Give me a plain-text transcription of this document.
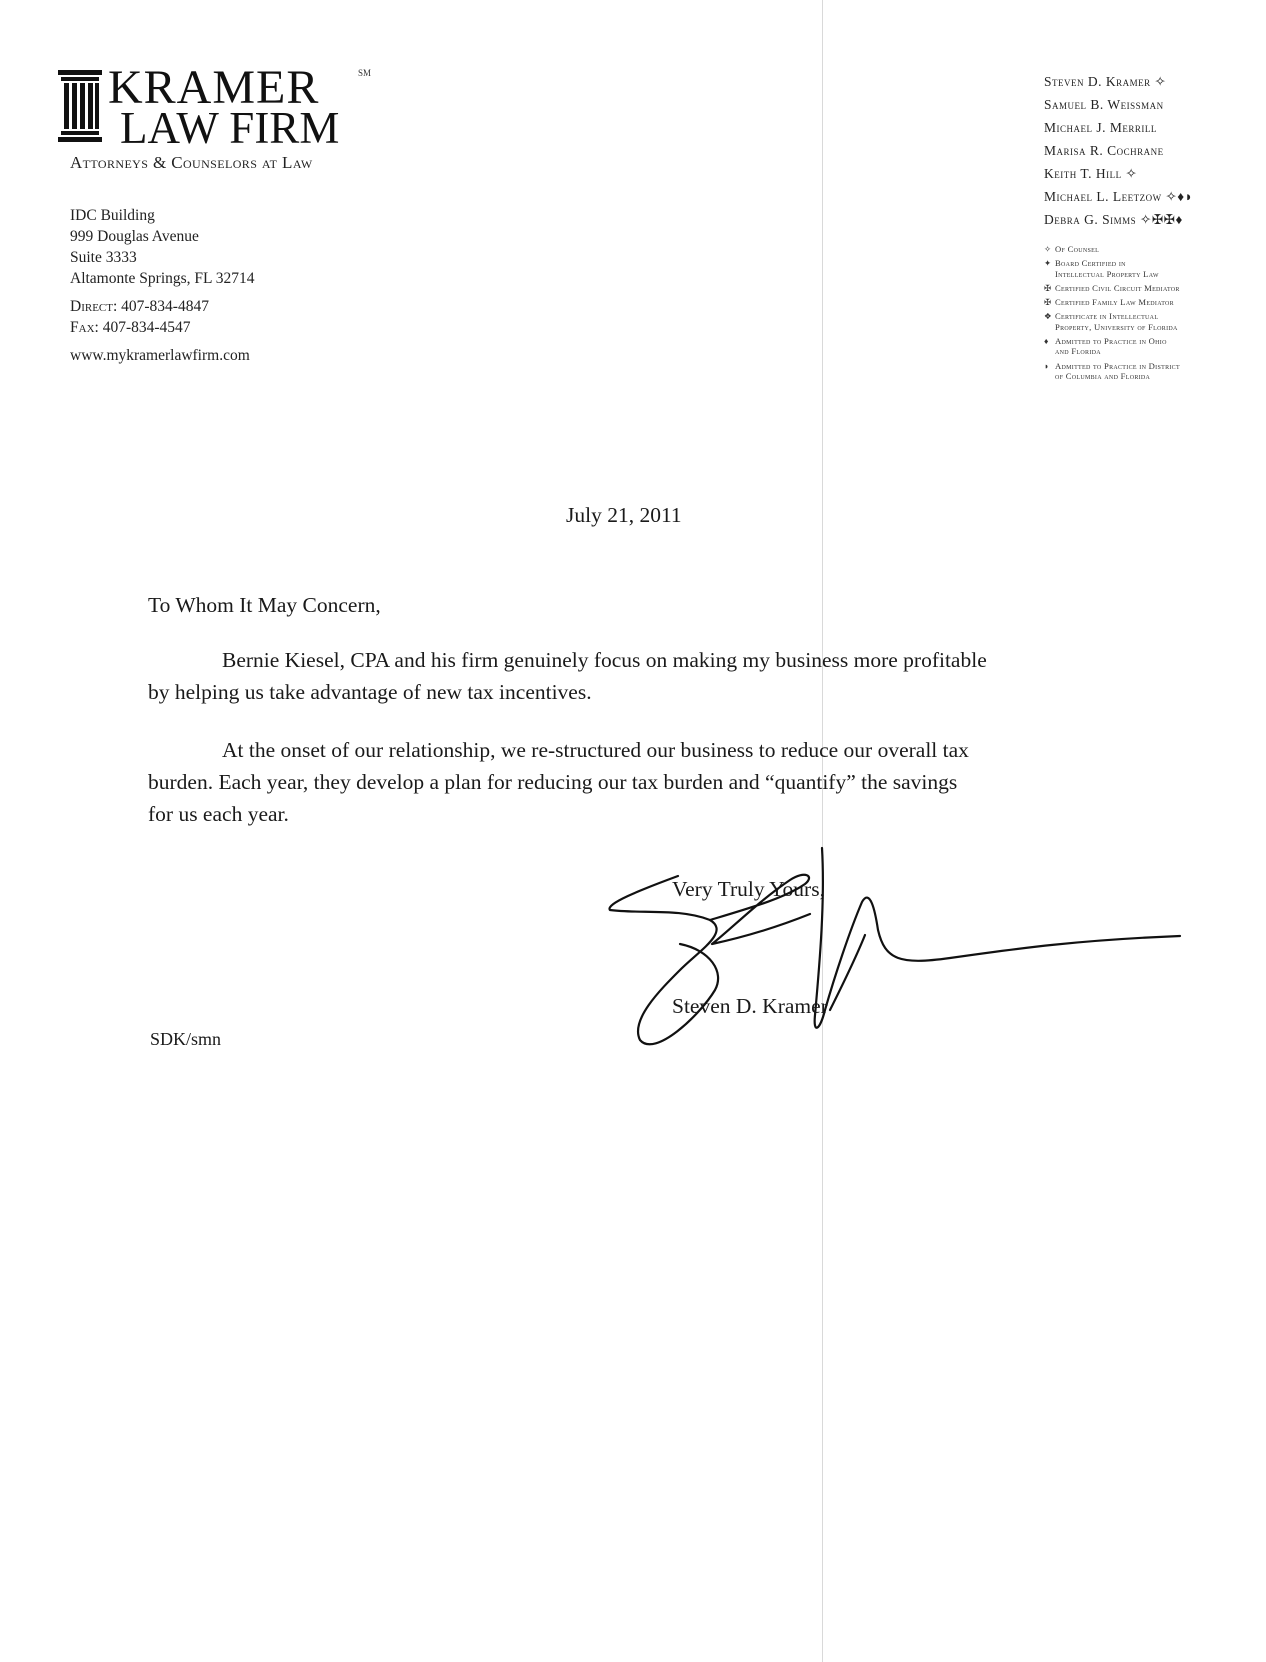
KRAMER
LAW FIRM
SM
Attorneys & Counselors at Law
IDC Building
999 Douglas Avenue
Suite 3333
Altamonte Springs, FL 32714
Direct: 407-834-4847
Fax: 407-834-4547
www.mykramerlawfirm.com
Steven D. Kramer ✧
Samuel B. Weissman
Michael J. Merrill
Marisa R. Cochrane
Keith T. Hill ✧
Michael L. Leetzow ✧♦◗
Debra G. Simms ✧✠✠♦
✧ Of Counsel
✦ Board Certified in
Intellectual Property Law
✠ Certified Civil Circuit Mediator
✠ Certified Family Law Mediator
❖ Certificate in Intellectual
Property, University of Florida
♦ Admitted to Practice in Ohio
and Florida
◗ Admitted to Practice in District
of Columbia and Florida
July 21, 2011
To Whom It May Concern,
Bernie Kiesel, CPA and his firm genuinely focus on making my business more profitable
by helping us take advantage of new tax incentives.
At the onset of our relationship, we re-structured our business to reduce our overall tax
burden. Each year, they develop a plan for reducing our tax burden and “quantify” the savings
for us each year.
Very Truly Yours,
Steven D. Kramer
SDK/smn
